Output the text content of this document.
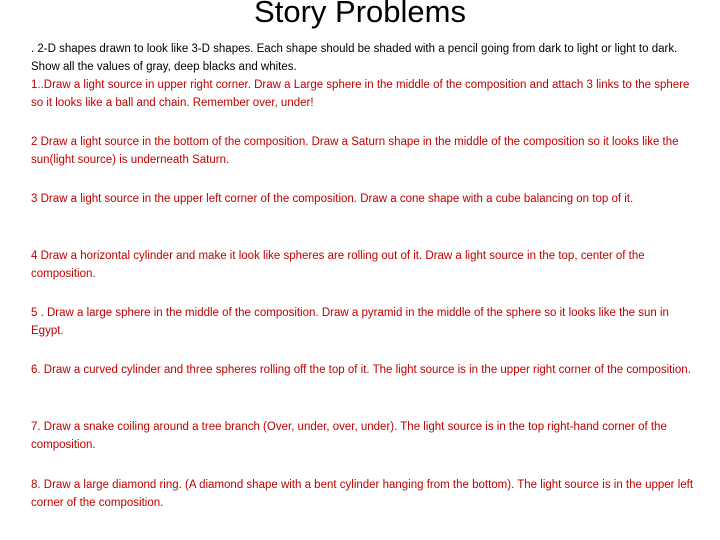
Story Problems

. 2-D shapes drawn to look like 3-D shapes. Each shape should be shaded with a pencil going from dark to light or light to dark. Show all the values of gray, deep blacks and whites.

1..Draw a light source in upper right corner. Draw a Large sphere in the middle of the composition and attach 3 links to the sphere so it looks like a ball and chain. Remember over, under!

2 Draw a light source in the bottom of the composition. Draw a Saturn shape in the middle of the composition so it looks like the sun(light source) is underneath Saturn.

3 Draw a light source in the upper left corner of the composition. Draw a cone shape with a cube balancing on top of it.

4 Draw a horizontal cylinder and make it look like spheres are rolling out of it. Draw a light source in the top, center of the composition.

5 . Draw a large sphere in the middle of the composition. Draw a pyramid in the middle of the sphere so it looks like the sun in Egypt.

6. Draw a curved cylinder and three spheres rolling off the top of it. The light source is in the upper right corner of the composition.

7. Draw a snake coiling around a tree branch (Over, under, over, under). The light source is in the top right-hand corner of the composition.

8. Draw a large diamond ring. (A diamond shape with a bent cylinder hanging from the bottom). The light source is in the upper left corner of the composition.
